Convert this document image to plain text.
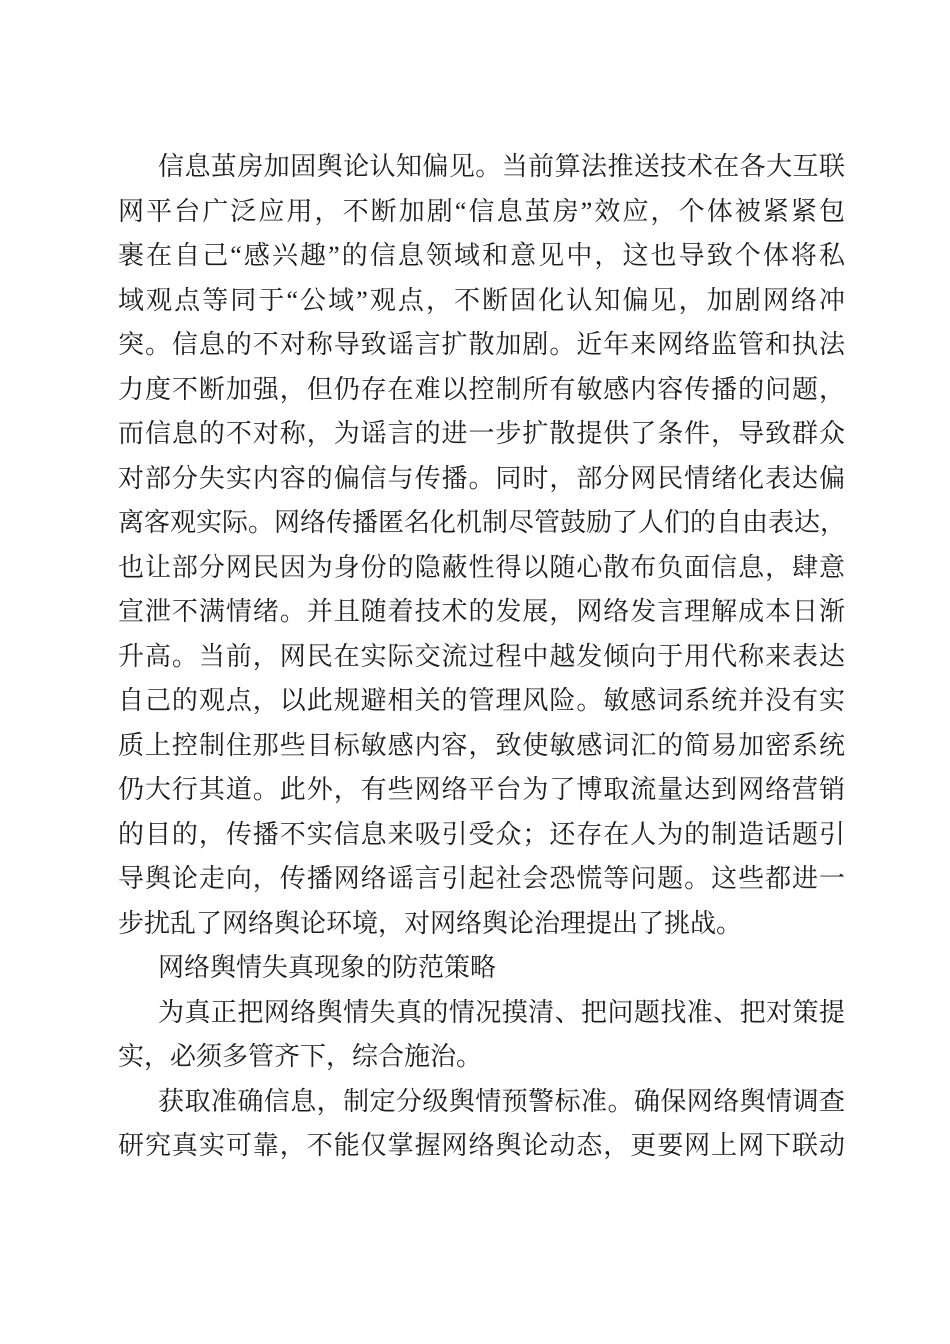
信息茧房加固舆论认知偏见。当前算法推送技术在各大互联
网平台广泛应用，不断加剧“信息茧房”效应，个体被紧紧包
裹在自己“感兴趣”的信息领域和意见中，这也导致个体将私
域观点等同于“公域”观点，不断固化认知偏见，加剧网络冲
突。信息的不对称导致谣言扩散加剧。近年来网络监管和执法
力度不断加强，但仍存在难以控制所有敏感内容传播的问题，
而信息的不对称，为谣言的进一步扩散提供了条件，导致群众
对部分失实内容的偏信与传播。同时，部分网民情绪化表达偏
离客观实际。网络传播匿名化机制尽管鼓励了人们的自由表达，
也让部分网民因为身份的隐蔽性得以随心散布负面信息，肆意
宣泄不满情绪。并且随着技术的发展，网络发言理解成本日渐
升高。当前，网民在实际交流过程中越发倾向于用代称来表达
自己的观点，以此规避相关的管理风险。敏感词系统并没有实
质上控制住那些目标敏感内容，致使敏感词汇的简易加密系统
仍大行其道。此外，有些网络平台为了博取流量达到网络营销
的目的，传播不实信息来吸引受众；还存在人为的制造话题引
导舆论走向，传播网络谣言引起社会恐慌等问题。这些都进一
步扰乱了网络舆论环境，对网络舆论治理提出了挑战。
网络舆情失真现象的防范策略
为真正把网络舆情失真的情况摸清、把问题找准、把对策提
实，必须多管齐下，综合施治。
获取准确信息，制定分级舆情预警标准。确保网络舆情调查
研究真实可靠，不能仅掌握网络舆论动态，更要网上网下联动
